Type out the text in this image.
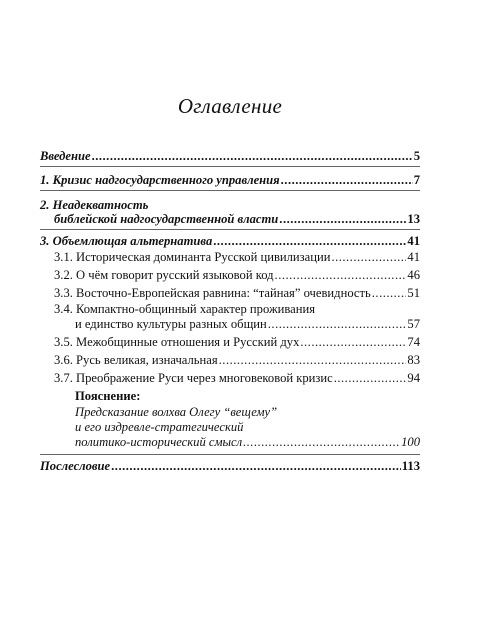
Оглавление
Введение .....	5
1. Кризис надгосударственного управления .....	7
2. Неадекватность
библейской надгосударственной власти .....	13
3. Объемлющая альтернатива .....	41
3.1. Историческая доминанта Русской цивилизации .....	41
3.2. О чём говорит русский языковой код .....	46
3.3. Восточно-Европейская равнина: “тайная” очевидность .....	51
3.4. Компактно-общинный характер проживания
и единство культуры разных общин .....	57
3.5. Межобщинные отношения и Русский дух .....	74
3.6. Русь великая, изначальная .....	83
3.7. Преображение Руси через многовековой кризис .....	94
Пояснение:
Предсказание волхва Олегу “вещему”
и его издревле-стратегический
политико-исторический смысл .....	100
Послесловие .....	113
